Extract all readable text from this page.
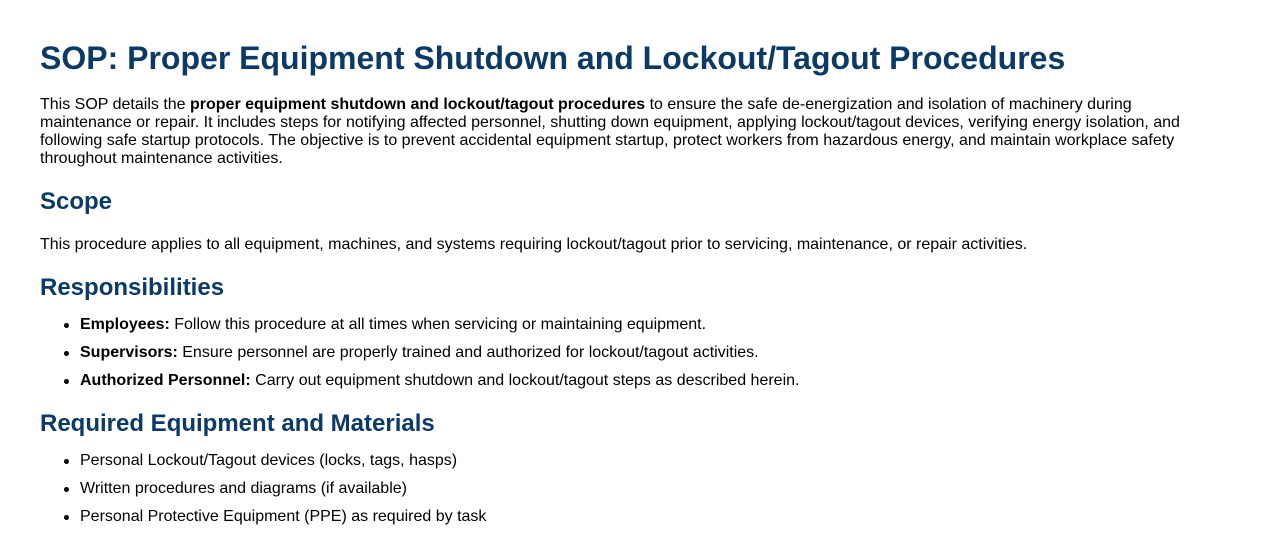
SOP: Proper Equipment Shutdown and Lockout/Tagout Procedures

This SOP details the proper equipment shutdown and lockout/tagout procedures to ensure the safe de-energization and isolation of machinery during maintenance or repair. It includes steps for notifying affected personnel, shutting down equipment, applying lockout/tagout devices, verifying energy isolation, and following safe startup protocols. The objective is to prevent accidental equipment startup, protect workers from hazardous energy, and maintain workplace safety throughout maintenance activities.

Scope

This procedure applies to all equipment, machines, and systems requiring lockout/tagout prior to servicing, maintenance, or repair activities.

Responsibilities
Employees: Follow this procedure at all times when servicing or maintaining equipment.
Supervisors: Ensure personnel are properly trained and authorized for lockout/tagout activities.
Authorized Personnel: Carry out equipment shutdown and lockout/tagout steps as described herein.
Required Equipment and Materials
Personal Lockout/Tagout devices (locks, tags, hasps)
Written procedures and diagrams (if available)
Personal Protective Equipment (PPE) as required by task
